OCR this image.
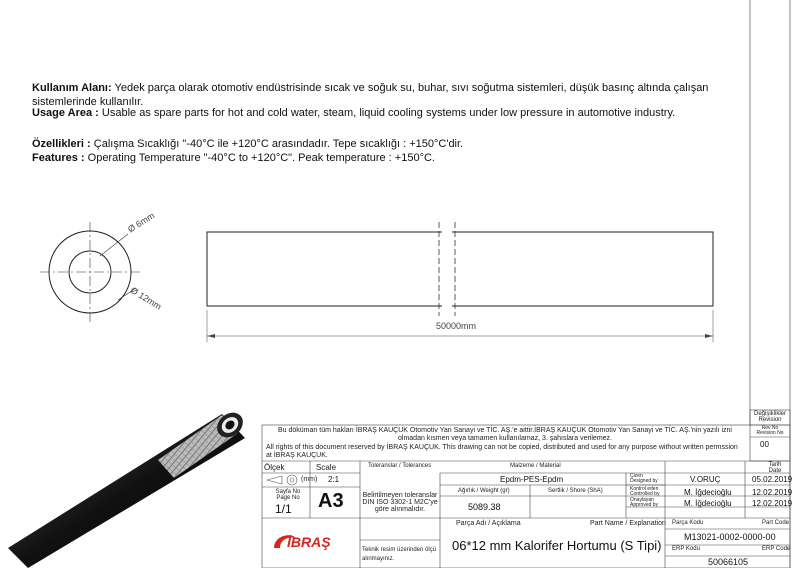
Kullanım Alanı: Yedek parça olarak otomotiv endüstrisinde sıcak ve soğuk su, buhar, sıvı soğutma sistemleri, düşük basınç altında çalışan sistemlerinde kullanılır.
Usage Area : Usable as spare parts for hot and cold water, steam, liquid cooling systems under low pressure in automotive industry.
Özellikleri : Çalışma Sıcaklığı "-40°C ile +120°C arasındadır. Tepe sıcaklığı : +150°C'dir.
Features : Operating Temperature "-40°C to +120°C". Peak temperature : +150°C.
Ø 6mm
Ø 12mm
50000mm
Bu döküman tüm hakları İBRAŞ KAUÇUK Otomotiv Yan Sanayi ve TİC. AŞ.'e aittir.İBRAŞ KAUÇUK Otomotiv Yan Sanayi ve TİC. AŞ.'nin yazılı izni olmadan kısmen veya tamamen kullanılamaz, 3. şahıslara verilemez.
All rights of this document reserved by İBRAŞ KAUÇUK. This drawing can not be copied, distributed and used for any purpose without written permssion at İBRAŞ KAUÇUK.
Değişiklikler Revision
Rev No Revision No
00
Tarih Date
Ölçek	Scale
(mm) 2:1
Sayfa No Page No
1/1 A3
Toleranslar / Tolerances
Belirtilmeyen toleranslar DIN ISO 3302-1 M2C'ye göre alınmalıdır.
Malzeme / Material
Epdm-PES-Epdm
Ağırlık / Weight (gr)
5089.38
Sertlik / Shore (ShA)
Çizen Designed by	V.ORUÇ	05.02.2019
Kontrol eden Controlled by	M. İğdecioğlu	12.02.2019
Onaylayan Approved by	M. İğdecioğlu	12.02.2019
Parça Adı / Açıklama	Part Name / Explanation
06*12 mm Kalorifer Hortumu (S Tipi)
Parça Kodu	Part Code
M13021-0002-0000-00
ERP Kodu	ERP Code
50066105
İBRAŞ	Teknik resim üzerinden ölçü alınmayınız.
